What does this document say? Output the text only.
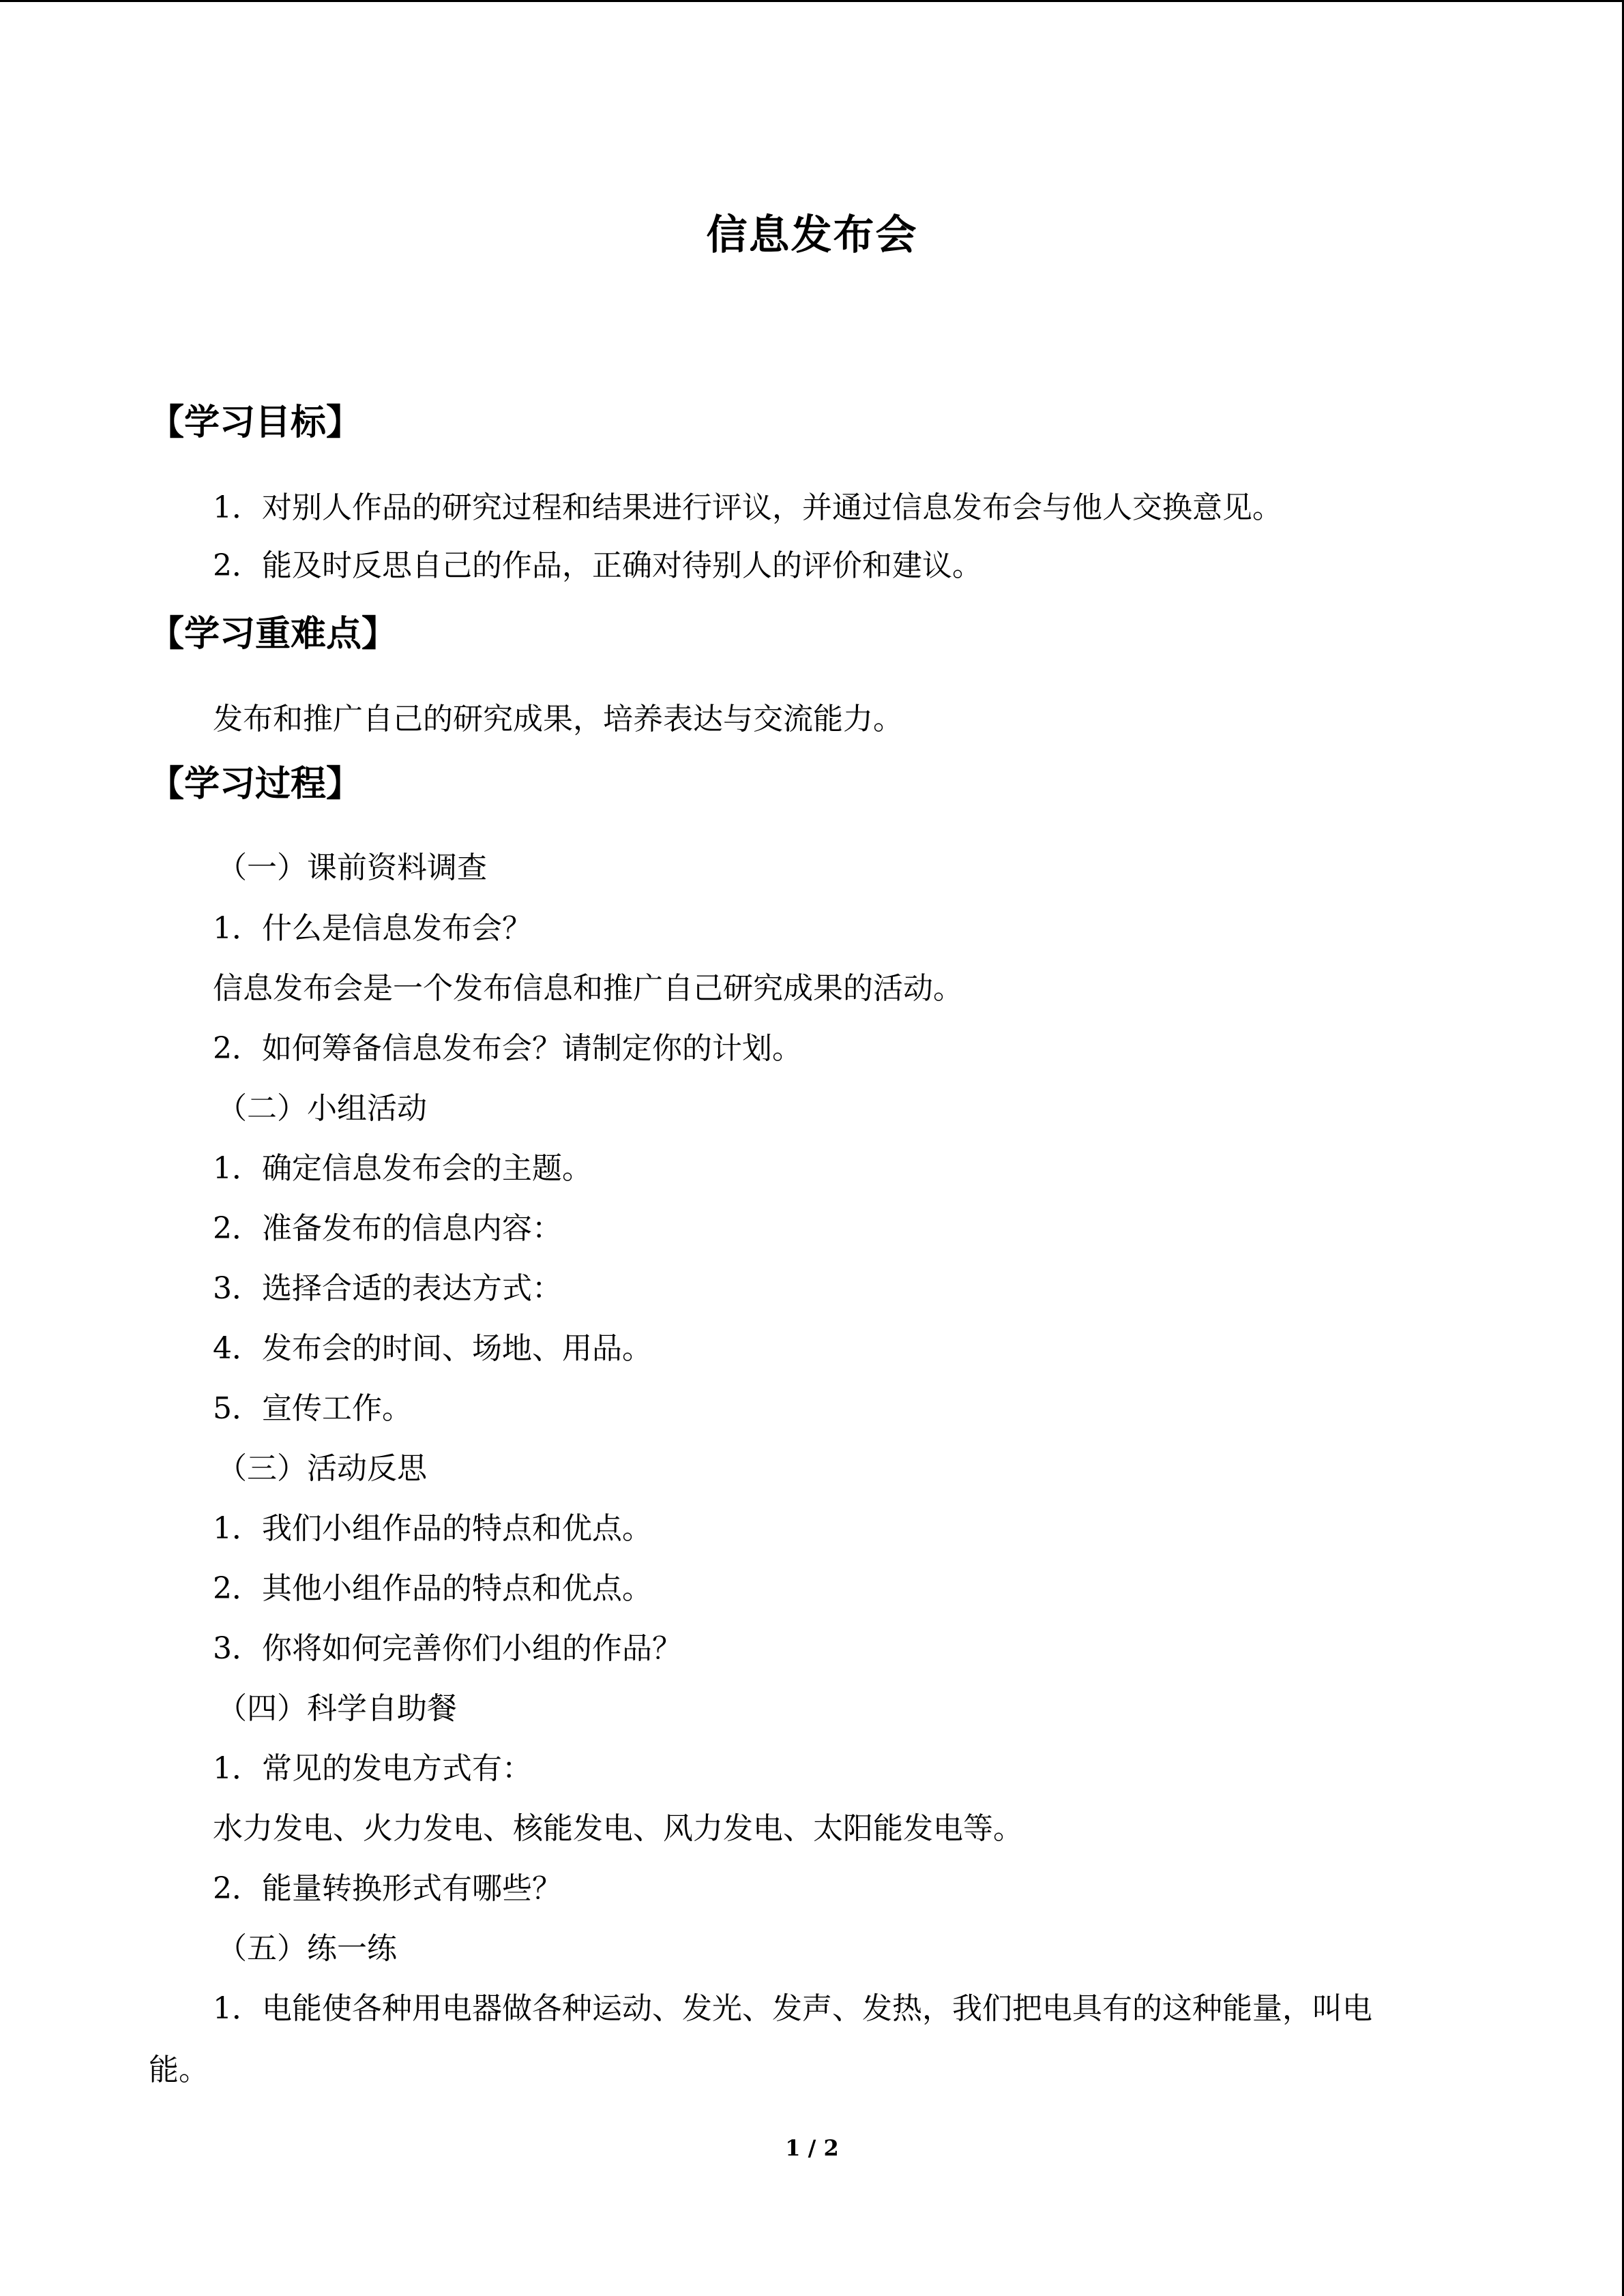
信息发布会
【学习目标】
1．对别人作品的研究过程和结果进行评议，并通过信息发布会与他人交换意见。
2．能及时反思自己的作品，正确对待别人的评价和建议。
【学习重难点】
发布和推广自己的研究成果，培养表达与交流能力。
【学习过程】
（一）课前资料调查
1．什么是信息发布会？
信息发布会是一个发布信息和推广自己研究成果的活动。
2．如何筹备信息发布会？请制定你的计划。
（二）小组活动
1．确定信息发布会的主题。
2．准备发布的信息内容：
3．选择合适的表达方式：
4．发布会的时间、场地、用品。
5．宣传工作。
（三）活动反思
1．我们小组作品的特点和优点。
2．其他小组作品的特点和优点。
3．你将如何完善你们小组的作品？
（四）科学自助餐
1．常见的发电方式有：
水力发电、火力发电、核能发电、风力发电、太阳能发电等。
2．能量转换形式有哪些？
（五）练一练
1．电能使各种用电器做各种运动、发光、发声、发热，我们把电具有的这种能量，叫电
能。
1 / 2
